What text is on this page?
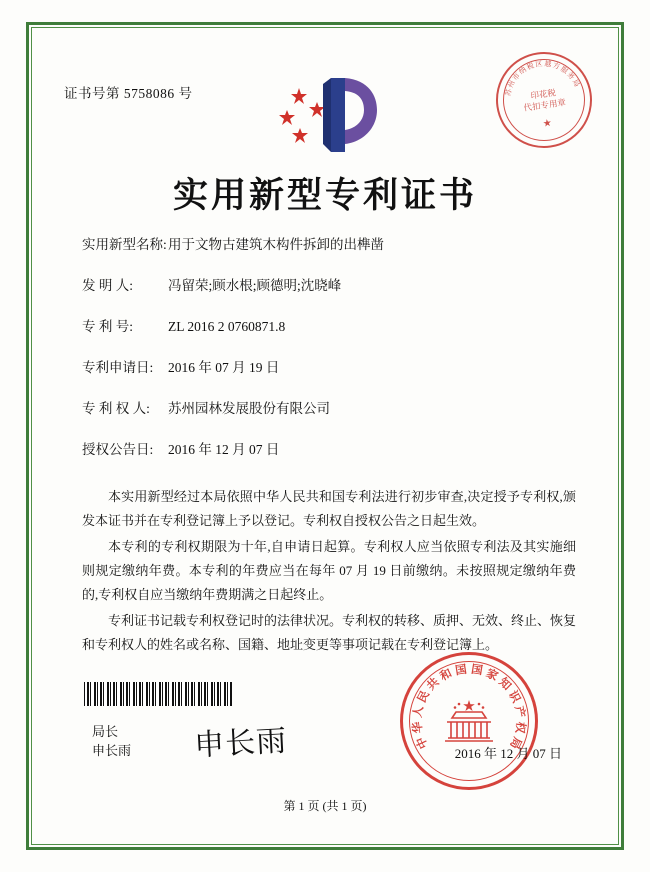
证书号第 5758086 号	苏
州
市
纳
税 区 越 方
服
务
局
印花税
代扣专用章
★
实用新型专利证书
实用新型名称:用于文物古建筑木构件拆卸的出榫凿
发 明 人:	冯留荣;顾水根;顾德明;沈晓峰
专 利 号:	ZL 2016 2 0760871.8
专利申请日: 2016 年 07 月 19 日
专 利 权 人: 苏州园林发展股份有限公司
授权公告日: 2016 年 12 月 07 日

本实用新型经过本局依照中华人民共和国专利法进行初步审查,决定授予专利权,颁发本证书并在专利登记簿上予以登记。专利权自授权公告之日起生效。

本专利的专利权期限为十年,自申请日起算。专利权人应当依照专利法及其实施细则规定缴纳年费。本专利的年费应当在每年 07 月 19 日前缴纳。未按照规定缴纳年费的,专利权自应当缴纳年费期满之日起终止。

专利证书记载专利权登记时的法律状况。专利权的转移、质押、无效、终止、恢复和专利权人的姓名或名称、国籍、地址变更等事项记载在专利登记簿上。

局长
申长雨 申长雨	中
华
人
民
共
和 国 国 家
知
识
产
权
局
2016 年 12 月 07 日
第 1 页 (共 1 页)
